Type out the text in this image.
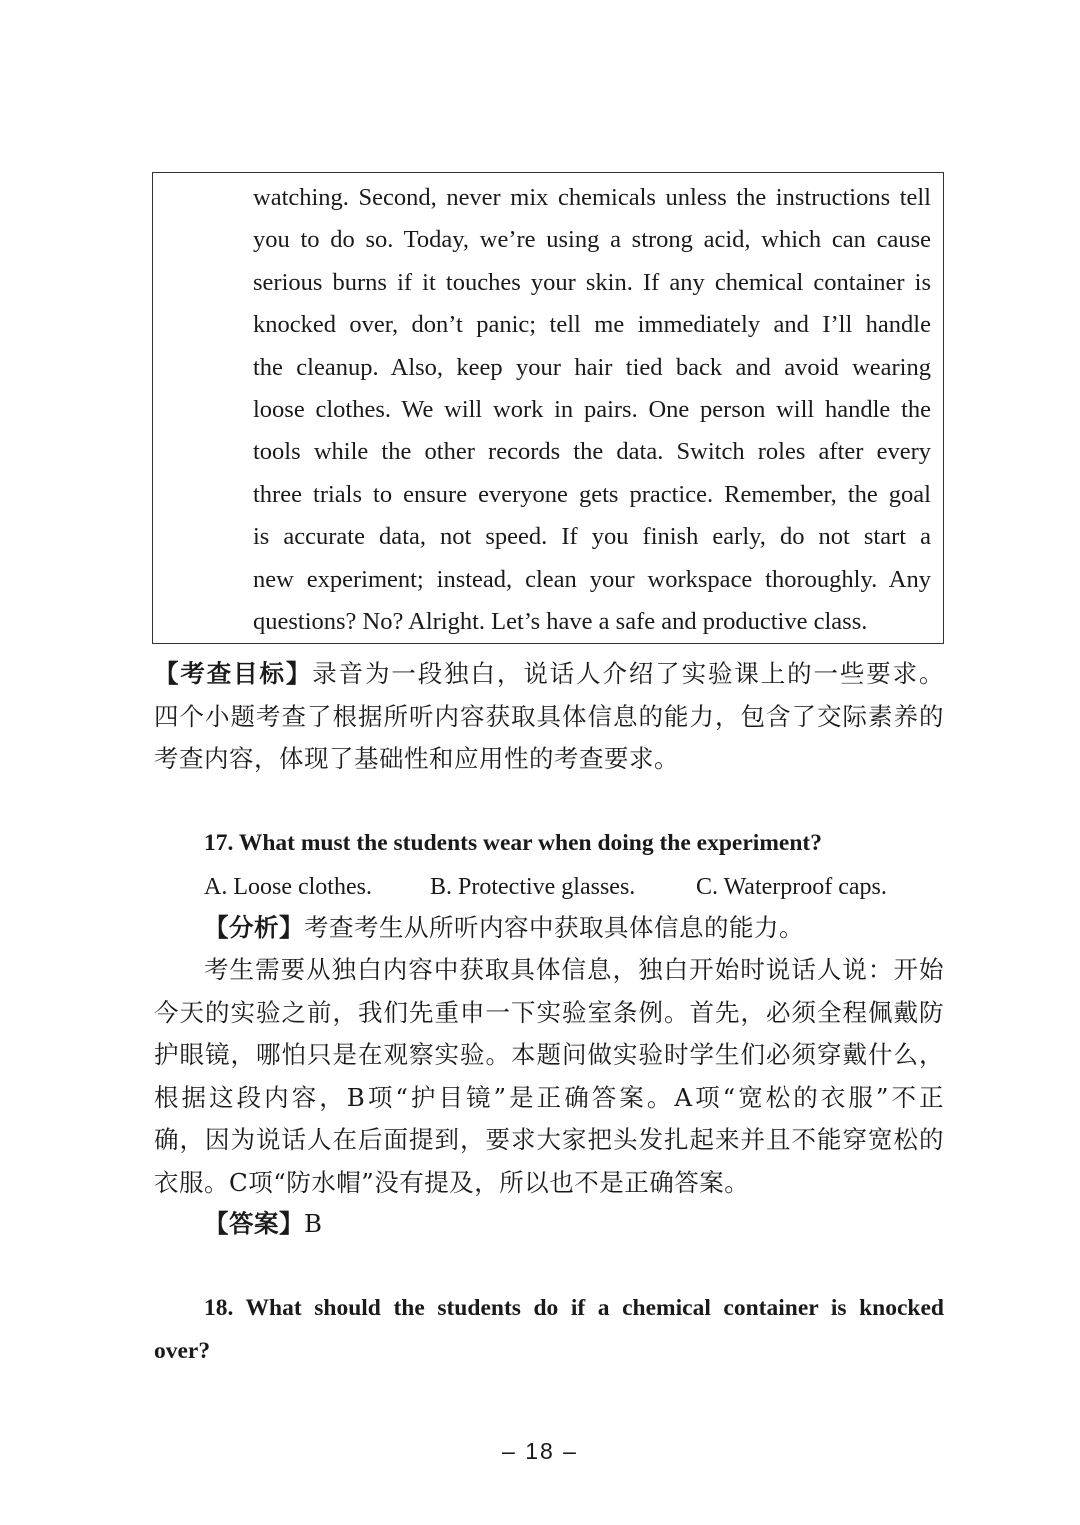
watching. Second, never mix chemicals unless the instructions tell
you to do so. Today, we’re using a strong acid, which can cause
serious burns if it touches your skin. If any chemical container is
knocked over, don’t panic; tell me immediately and I’ll handle
the cleanup. Also, keep your hair tied back and avoid wearing
loose clothes. We will work in pairs. One person will handle the
tools while the other records the data. Switch roles after every
three trials to ensure everyone gets practice. Remember, the goal
is accurate data, not speed. If you finish early, do not start a
new experiment; instead, clean your workspace thoroughly. Any
questions? No? Alright. Let’s have a safe and productive class.
【考查目标】录音为一段独白，说话人介绍了实验课上的一些要求。
四个小题考查了根据所听内容获取具体信息的能力，包含了交际素养的
考查内容，体现了基础性和应用性的考查要求。
17. What must the students wear when doing the experiment?
A. Loose clothes. B. Protective glasses.	C. Waterproof caps.
【分析】考查考生从所听内容中获取具体信息的能力。
考生需要从独白内容中获取具体信息，独白开始时说话人说：开始
今天的实验之前，我们先重申一下实验室条例。首先，必须全程佩戴防
护眼镜，哪怕只是在观察实验。本题问做实验时学生们必须穿戴什么，
根据这段内容，B项“护目镜”是正确答案。A项“宽松的衣服”不正
确，因为说话人在后面提到，要求大家把头发扎起来并且不能穿宽松的
衣服。C项“防水帽”没有提及，所以也不是正确答案。
【答案】B
18. What should the students do if a chemical container is knocked
over?
– 18 –
